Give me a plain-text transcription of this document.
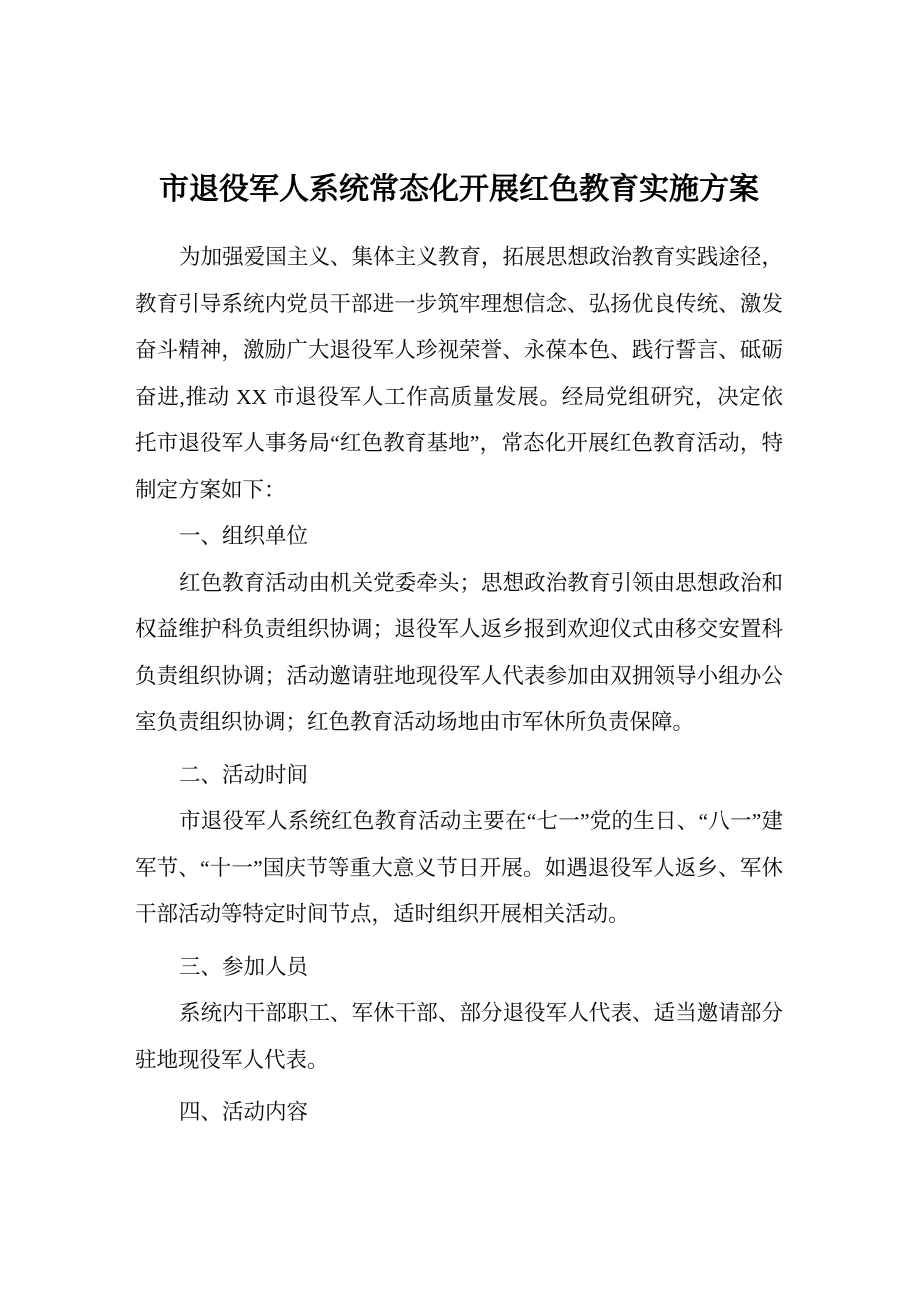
市退役军人系统常态化开展红色教育实施方案

为加强爱国主义、集体主义教育，拓展思想政治教育实践途径，教育引导系统内党员干部进一步筑牢理想信念、弘扬优良传统、激发奋斗精神，激励广大退役军人珍视荣誉、永葆本色、践行誓言、砥砺奋进,推动 XX 市退役军人工作高质量发展。经局党组研究，决定依托市退役军人事务局“红色教育基地”，常态化开展红色教育活动，特制定方案如下：

一、组织单位

红色教育活动由机关党委牵头；思想政治教育引领由思想政治和权益维护科负责组织协调；退役军人返乡报到欢迎仪式由移交安置科负责组织协调；活动邀请驻地现役军人代表参加由双拥领导小组办公室负责组织协调；红色教育活动场地由市军休所负责保障。

二、活动时间

市退役军人系统红色教育活动主要在“七一”党的生日、“八一”建军节、“十一”国庆节等重大意义节日开展。如遇退役军人返乡、军休干部活动等特定时间节点，适时组织开展相关活动。

三、参加人员

系统内干部职工、军休干部、部分退役军人代表、适当邀请部分驻地现役军人代表。

四、活动内容
